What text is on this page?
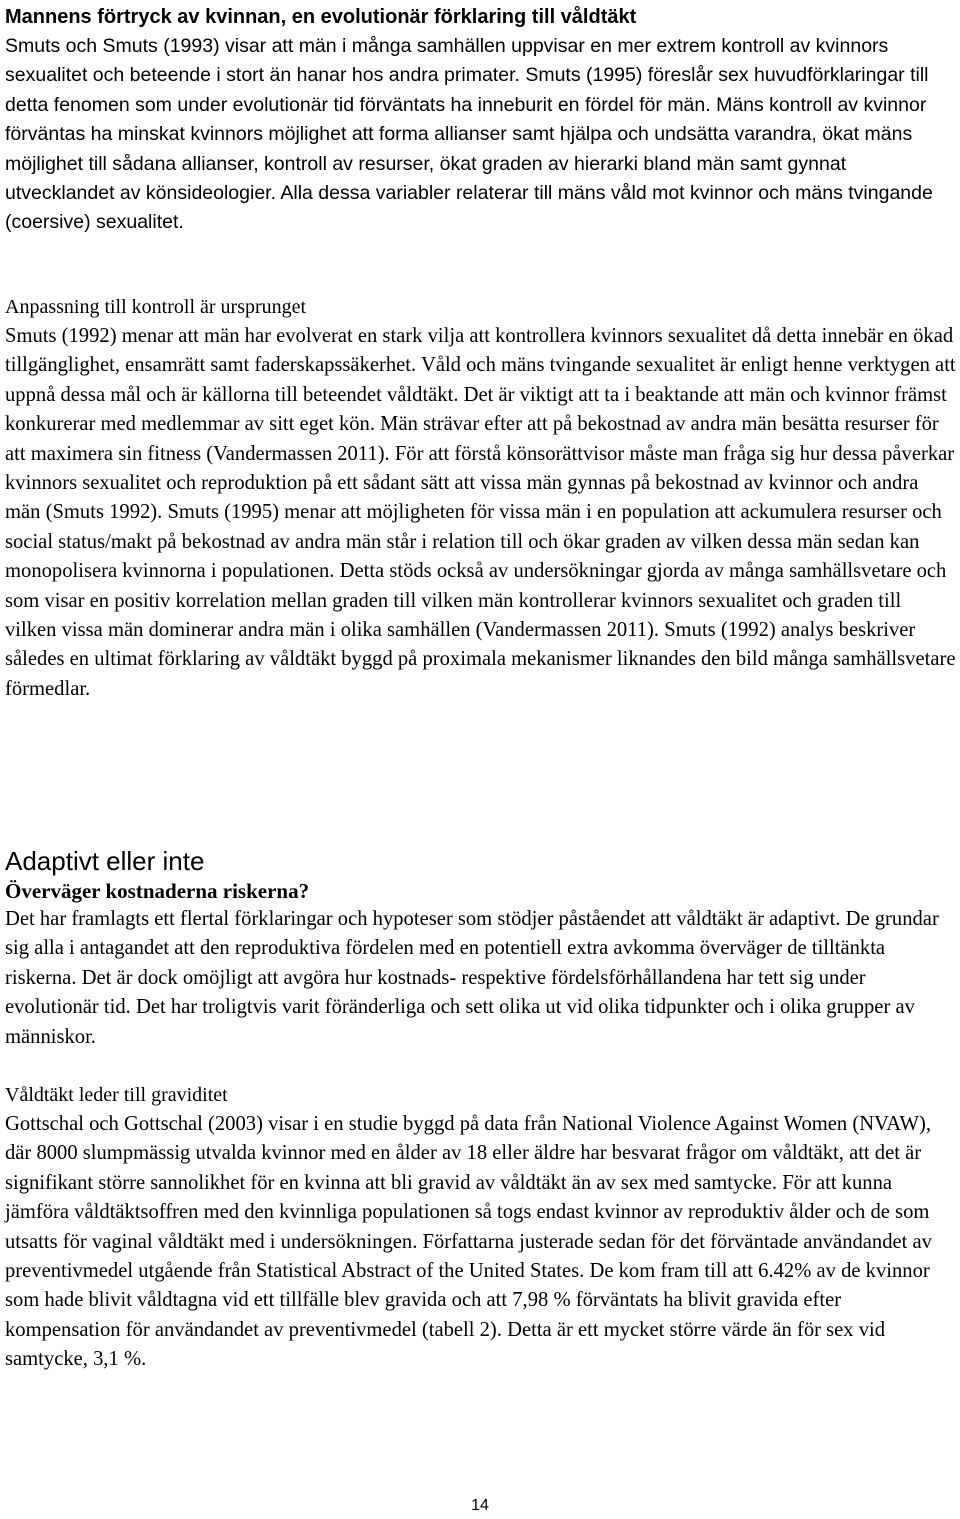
Mannens förtryck av kvinnan, en evolutionär förklaring till våldtäkt

Smuts och Smuts (1993) visar att män i många samhällen uppvisar en mer extrem kontroll av kvinnors sexualitet och beteende i stort än hanar hos andra primater. Smuts (1995) föreslår sex huvudförklaringar till detta fenomen som under evolutionär tid förväntats ha inneburit en fördel för män. Mäns kontroll av kvinnor förväntas ha minskat kvinnors möjlighet att forma allianser samt hjälpa och undsätta varandra, ökat mäns möjlighet till sådana allianser, kontroll av resurser, ökat graden av hierarki bland män samt gynnat utvecklandet av könsideologier. Alla dessa variabler relaterar till mäns våld mot kvinnor och mäns tvingande (coersive) sexualitet.

Anpassning till kontroll är ursprunget

Smuts (1992) menar att män har evolverat en stark vilja att kontrollera kvinnors sexualitet då detta innebär en ökad tillgänglighet, ensamrätt samt faderskapssäkerhet. Våld och mäns tvingande sexualitet är enligt henne verktygen att uppnå dessa mål och är källorna till beteendet våldtäkt. Det är viktigt att ta i beaktande att män och kvinnor främst konkurerar med medlemmar av sitt eget kön. Män strävar efter att på bekostnad av andra män besätta resurser för att maximera sin fitness (Vandermassen 2011). För att förstå könsorättvisor måste man fråga sig hur dessa påverkar kvinnors sexualitet och reproduktion på ett sådant sätt att vissa män gynnas på bekostnad av kvinnor och andra män (Smuts 1992). Smuts (1995) menar att möjligheten för vissa män i en population att ackumulera resurser och social status/makt på bekostnad av andra män står i relation till och ökar graden av vilken dessa män sedan kan monopolisera kvinnorna i populationen. Detta stöds också av undersökningar gjorda av många samhällsvetare och som visar en positiv korrelation mellan graden till vilken män kontrollerar kvinnors sexualitet och graden till vilken vissa män dominerar andra män i olika samhällen (Vandermassen 2011). Smuts (1992) analys beskriver således en ultimat förklaring av våldtäkt byggd på proximala mekanismer liknandes den bild många samhällsvetare förmedlar.

Adaptivt eller inte

Överväger kostnaderna riskerna?

Det har framlagts ett flertal förklaringar och hypoteser som stödjer påståendet att våldtäkt är adaptivt. De grundar sig alla i antagandet att den reproduktiva fördelen med en potentiell extra avkomma överväger de tilltänkta riskerna. Det är dock omöjligt att avgöra hur kostnads- respektive fördelsförhållandena har tett sig under evolutionär tid. Det har troligtvis varit föränderliga och sett olika ut vid olika tidpunkter och i olika grupper av människor.

Våldtäkt leder till graviditet

Gottschal och Gottschal (2003) visar i en studie byggd på data från National Violence Against Women (NVAW), där 8000 slumpmässig utvalda kvinnor med en ålder av 18 eller äldre har besvarat frågor om våldtäkt, att det är signifikant större sannolikhet för en kvinna att bli gravid av våldtäkt än av sex med samtycke. För att kunna jämföra våldtäktsoffren med den kvinnliga populationen så togs endast kvinnor av reproduktiv ålder och de som utsatts för vaginal våldtäkt med i undersökningen. Författarna justerade sedan för det förväntade användandet av preventivmedel utgående från Statistical Abstract of the United States. De kom fram till att 6.42% av de kvinnor som hade blivit våldtagna vid ett tillfälle blev gravida och att 7,98 % förväntats ha blivit gravida efter kompensation för användandet av preventivmedel (tabell 2). Detta är ett mycket större värde än för sex vid samtycke, 3,1 %.

14
